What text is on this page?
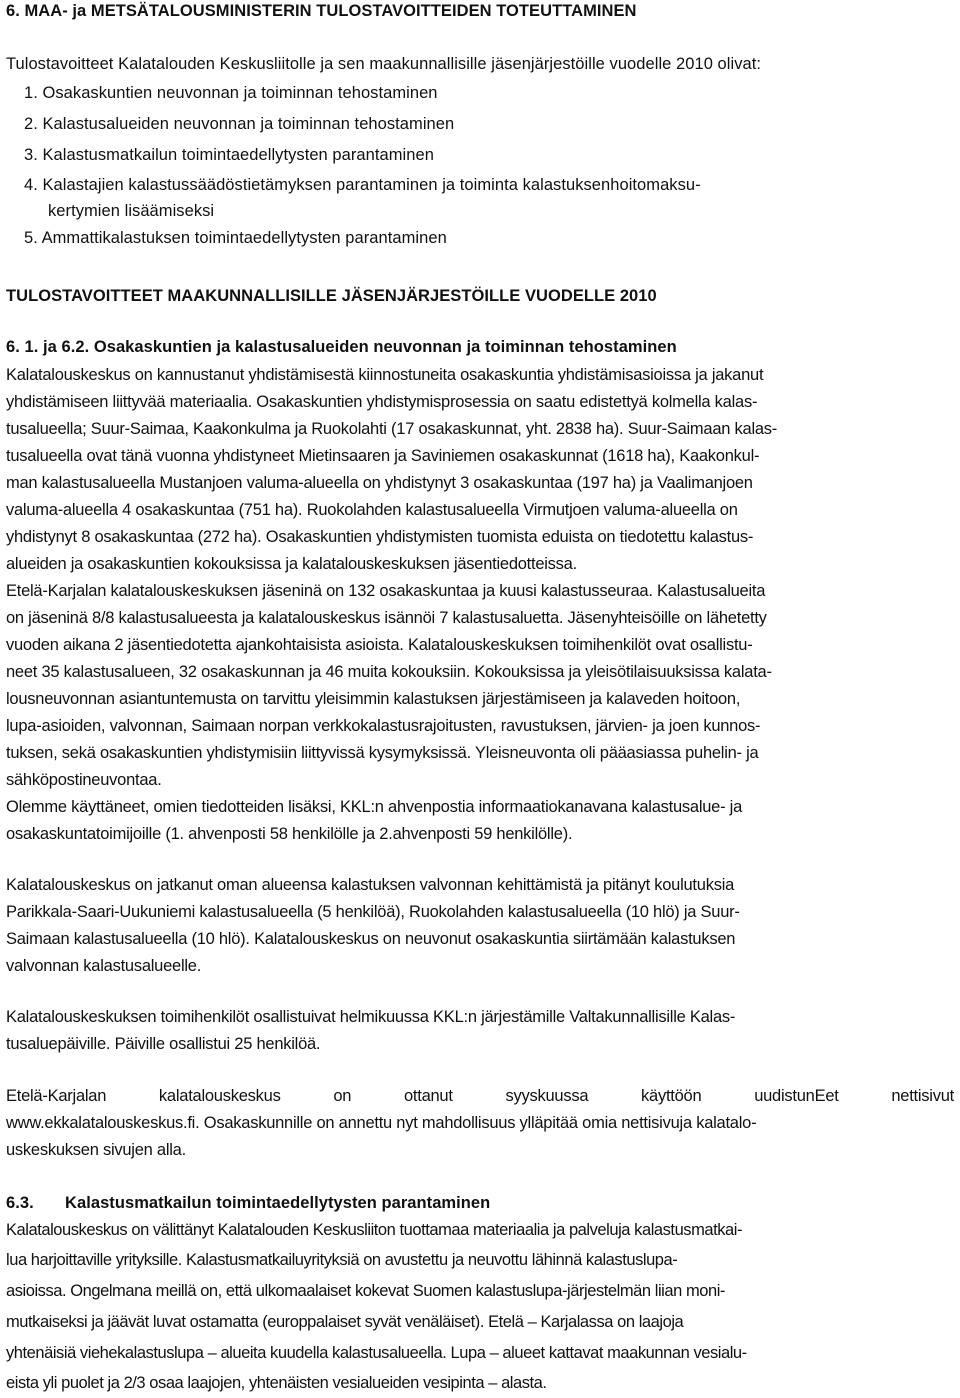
6. MAA- ja METSÄTALOUSMINISTERIN TULOSTAVOITTEIDEN TOTEUTTAMINEN
Tulostavoitteet Kalatalouden Keskusliitolle ja sen maakunnallisille jäsenjärjestöille vuodelle 2010 olivat:
1. Osakaskuntien neuvonnan ja toiminnan tehostaminen
2. Kalastusalueiden neuvonnan ja toiminnan tehostaminen
3. Kalastusmatkailun toimintaedellytysten parantaminen
4. Kalastajien kalastussäädöstietämyksen parantaminen ja toiminta kalastuksenhoitomaksu-
kertymien lisäämiseksi
5. Ammattikalastuksen toimintaedellytysten parantaminen
TULOSTAVOITTEET MAAKUNNALLISILLE JÄSENJÄRJESTÖILLE VUODELLE 2010
6. 1. ja 6.2. Osakaskuntien ja kalastusalueiden neuvonnan ja toiminnan tehostaminen
Kalatalouskeskus on kannustanut yhdistämisestä kiinnostuneita osakaskuntia yhdistämisasioissa ja jakanut
yhdistämiseen liittyvää materiaalia. Osakaskuntien yhdistymisprosessia on saatu edistettyä kolmella kalas-
tusalueella; Suur-Saimaa, Kaakonkulma ja Ruokolahti (17 osakaskunnat, yht. 2838 ha). Suur-Saimaan kalas-
tusalueella ovat tänä vuonna yhdistyneet Mietinsaaren ja Saviniemen osakaskunnat (1618 ha), Kaakonkul-
man kalastusalueella Mustanjoen valuma-alueella on yhdistynyt 3 osakaskuntaa (197 ha) ja Vaalimanjoen
valuma-alueella 4 osakaskuntaa (751 ha). Ruokolahden kalastusalueella Virmutjoen valuma-alueella on
yhdistynyt 8 osakaskuntaa (272 ha). Osakaskuntien yhdistymisten tuomista eduista on tiedotettu kalastus-
alueiden ja osakaskuntien kokouksissa ja kalatalouskeskuksen jäsentiedotteissa.
Etelä-Karjalan kalatalouskeskuksen jäseninä on 132 osakaskuntaa ja kuusi kalastusseuraa. Kalastusalueita
on jäseninä 8/8 kalastusalueesta ja kalatalouskeskus isännöi 7 kalastusaluetta. Jäsenyhteisöille on lähetetty
vuoden aikana 2 jäsentiedotetta ajankohtaisista asioista. Kalatalouskeskuksen toimihenkilöt ovat osallistu-
neet 35 kalastusalueen, 32 osakaskunnan ja 46 muita kokouksiin. Kokouksissa ja yleisötilaisuuksissa kalata-
lousneuvonnan asiantuntemusta on tarvittu yleisimmin kalastuksen järjestämiseen ja kalaveden hoitoon,
lupa-asioiden, valvonnan, Saimaan norpan verkkokalastusrajoitusten, ravustuksen, järvien- ja joen kunnos-
tuksen, sekä osakaskuntien yhdistymisiin liittyvissä kysymyksissä. Yleisneuvonta oli pääasiassa puhelin- ja
sähköpostineuvontaa.
Olemme käyttäneet, omien tiedotteiden lisäksi, KKL:n ahvenpostia informaatiokanavana kalastusalue- ja
osakaskuntatoimijoille (1. ahvenposti 58 henkilölle ja 2.ahvenposti 59 henkilölle).
Kalatalouskeskus on jatkanut oman alueensa kalastuksen valvonnan kehittämistä ja pitänyt koulutuksia
Parikkala-Saari-Uukuniemi kalastusalueella (5 henkilöä), Ruokolahden kalastusalueella (10 hlö) ja Suur-
Saimaan kalastusalueella (10 hlö). Kalatalouskeskus on neuvonut osakaskuntia siirtämään kalastuksen
valvonnan kalastusalueelle.
Kalatalouskeskuksen toimihenkilöt osallistuivat helmikuussa KKL:n järjestämille Valtakunnallisille Kalas-
tusaluepäiville. Päiville osallistui 25 henkilöä.
Etelä-Karjalan kalatalouskeskus on ottanut syyskuussa käyttöön uudistunEet nettisivut
www.ekkalatalouskeskus.fi. Osakaskunnille on annettu nyt mahdollisuus ylläpitää omia nettisivuja kalatalo-
uskeskuksen sivujen alla.
6.3. Kalastusmatkailun toimintaedellytysten parantaminen
Kalatalouskeskus on välittänyt Kalatalouden Keskusliiton tuottamaa materiaalia ja palveluja kalastusmatkai-
lua harjoittaville yrityksille. Kalastusmatkailuyrityksiä on avustettu ja neuvottu lähinnä kalastuslupa-
asioissa. Ongelmana meillä on, että ulkomaalaiset kokevat Suomen kalastuslupa-järjestelmän liian moni-
mutkaiseksi ja jäävät luvat ostamatta (europpalaiset syvät venäläiset). Etelä – Karjalassa on laajoja
yhtenäisiä viehekalastuslupa – alueita kuudella kalastusalueella. Lupa – alueet kattavat maakunnan vesialu-
eista yli puolet ja 2/3 osaa laajojen, yhtenäisten vesialueiden vesipinta – alasta.
